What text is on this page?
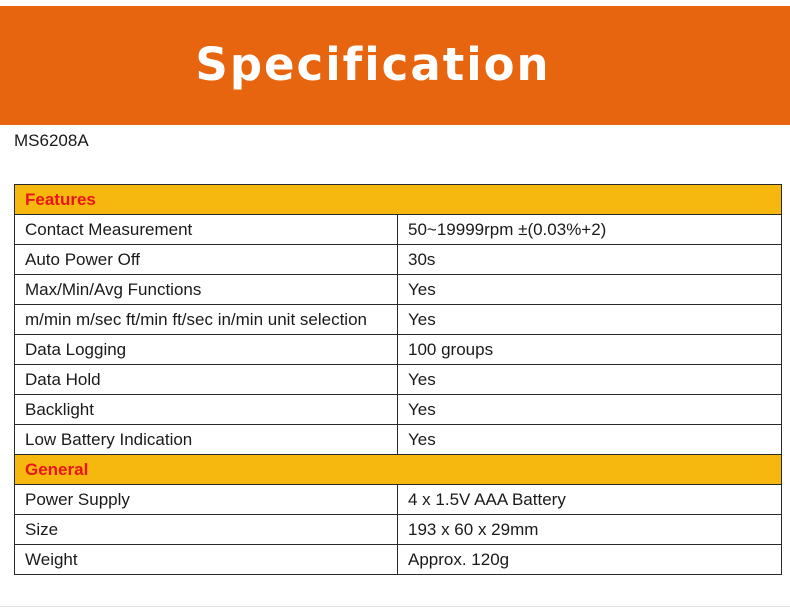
Specification
MS6208A
Features	
Contact Measurement	50~19999rpm ±(0.03%+2)
Auto Power Off	30s
Max/Min/Avg Functions	Yes
m/min m/sec ft/min ft/sec in/min unit selection	Yes
Data Logging	100 groups
Data Hold	Yes
Backlight	Yes
Low Battery Indication	Yes
General	
Power Supply	4 x 1.5V AAA Battery
Size	193 x 60 x 29mm
Weight	Approx. 120g
